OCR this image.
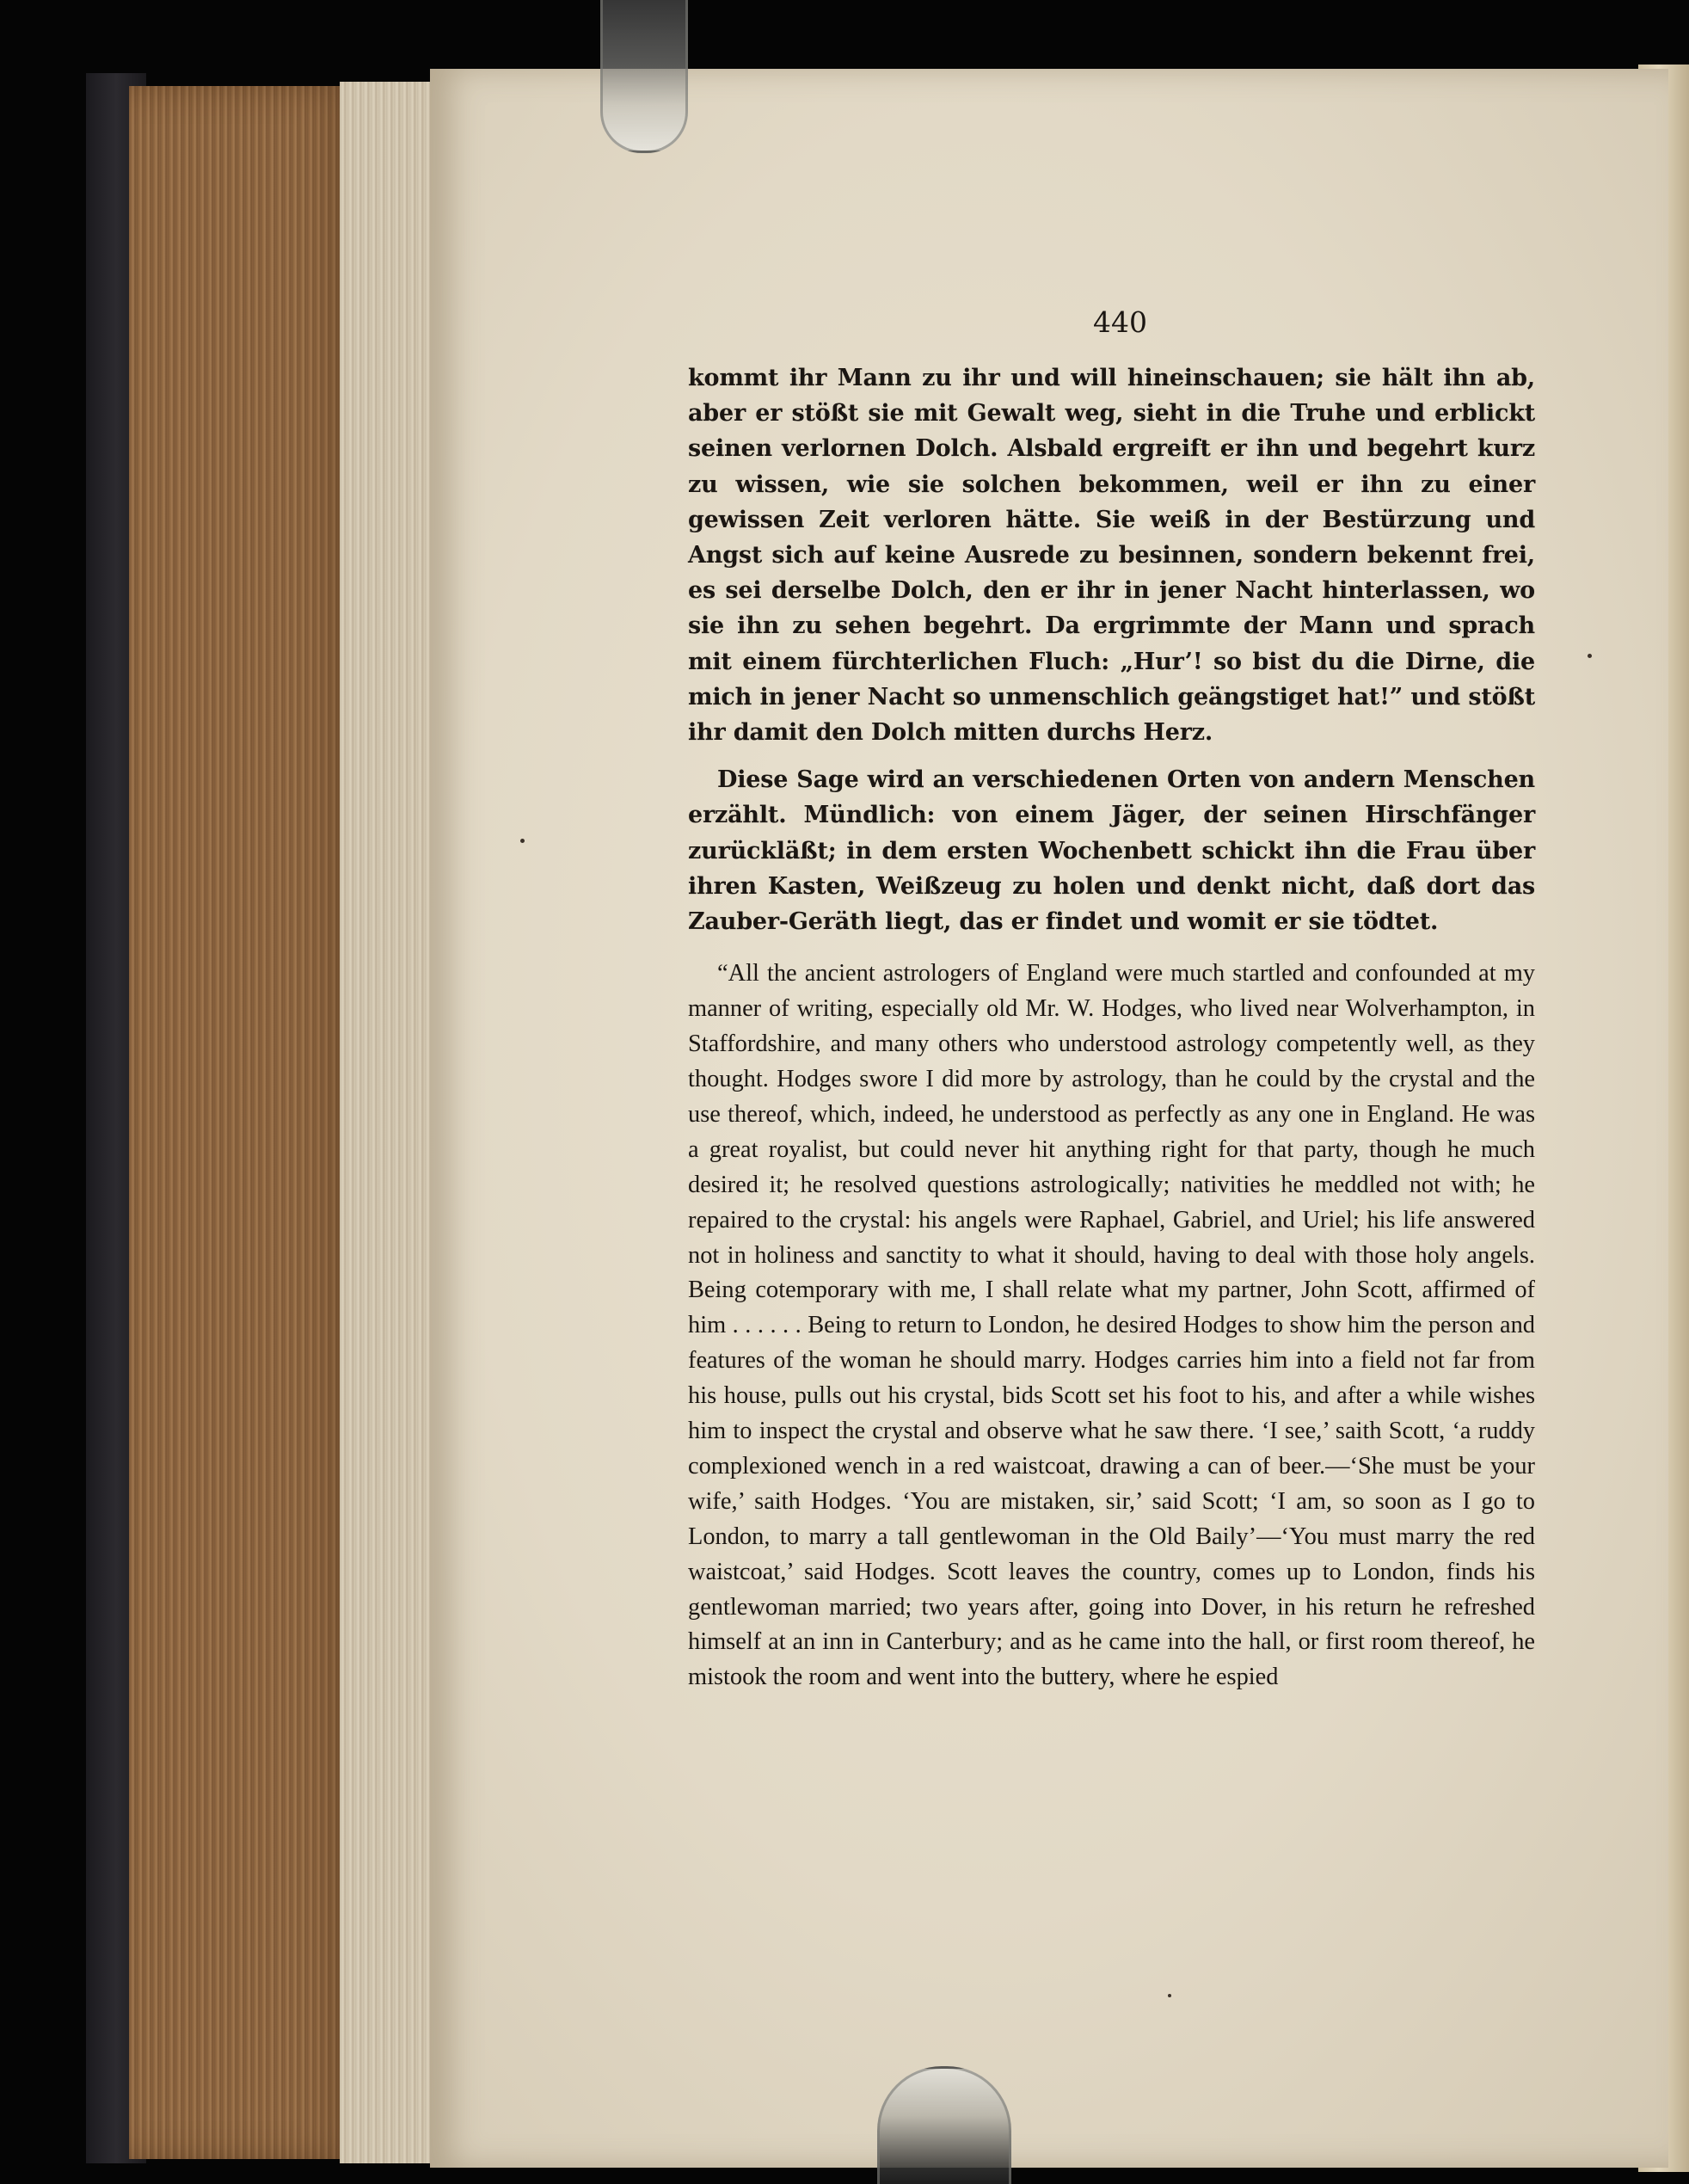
440

kommt ihr Mann zu ihr und will hineinschauen; sie hält ihn ab, aber er stößt sie mit Gewalt weg, sieht in die Truhe und erblickt seinen verlornen Dolch. Alsbald ergreift er ihn und begehrt kurz zu wissen, wie sie solchen bekommen, weil er ihn zu einer gewissen Zeit verloren hätte. Sie weiß in der Bestürzung und Angst sich auf keine Ausrede zu besinnen, sondern bekennt frei, es sei derselbe Dolch, den er ihr in jener Nacht hinterlassen, wo sie ihn zu sehen begehrt. Da ergrimmte der Mann und sprach mit einem fürchterlichen Fluch: „Hur’! so bist du die Dirne, die mich in jener Nacht so unmenschlich geängstiget hat!” und stößt ihr damit den Dolch mitten durchs Herz.

Diese Sage wird an verschiedenen Orten von andern Menschen erzählt. Mündlich: von einem Jäger, der seinen Hirschfänger zurückläßt; in dem ersten Wochenbett schickt ihn die Frau über ihren Kasten, Weißzeug zu holen und denkt nicht, daß dort das Zauber-Geräth liegt, das er findet und womit er sie tödtet.

“All the ancient astrologers of England were much startled and confounded at my manner of writing, especially old Mr. W. Hodges, who lived near Wolverhampton, in Staffordshire, and many others who understood astrology competently well, as they thought. Hodges swore I did more by astrology, than he could by the crystal and the use thereof, which, indeed, he understood as perfectly as any one in England. He was a great royalist, but could never hit anything right for that party, though he much desired it; he resolved questions astrologically; nativities he meddled not with; he repaired to the crystal: his angels were Raphael, Gabriel, and Uriel; his life answered not in holiness and sanctity to what it should, having to deal with those holy angels. Being cotemporary with me, I shall relate what my partner, John Scott, affirmed of him . . . . . . Being to return to London, he desired Hodges to show him the person and features of the woman he should marry. Hodges carries him into a field not far from his house, pulls out his crystal, bids Scott set his foot to his, and after a while wishes him to inspect the crystal and observe what he saw there. ‘I see,’ saith Scott, ‘a ruddy complexioned wench in a red waistcoat, drawing a can of beer.—‘She must be your wife,’ saith Hodges. ‘You are mistaken, sir,’ said Scott; ‘I am, so soon as I go to London, to marry a tall gentlewoman in the Old Baily’—‘You must marry the red waistcoat,’ said Hodges. Scott leaves the country, comes up to London, finds his gentlewoman married; two years after, going into Dover, in his return he refreshed himself at an inn in Canterbury; and as he came into the hall, or first room thereof, he mistook the room and went into the buttery, where he espied
